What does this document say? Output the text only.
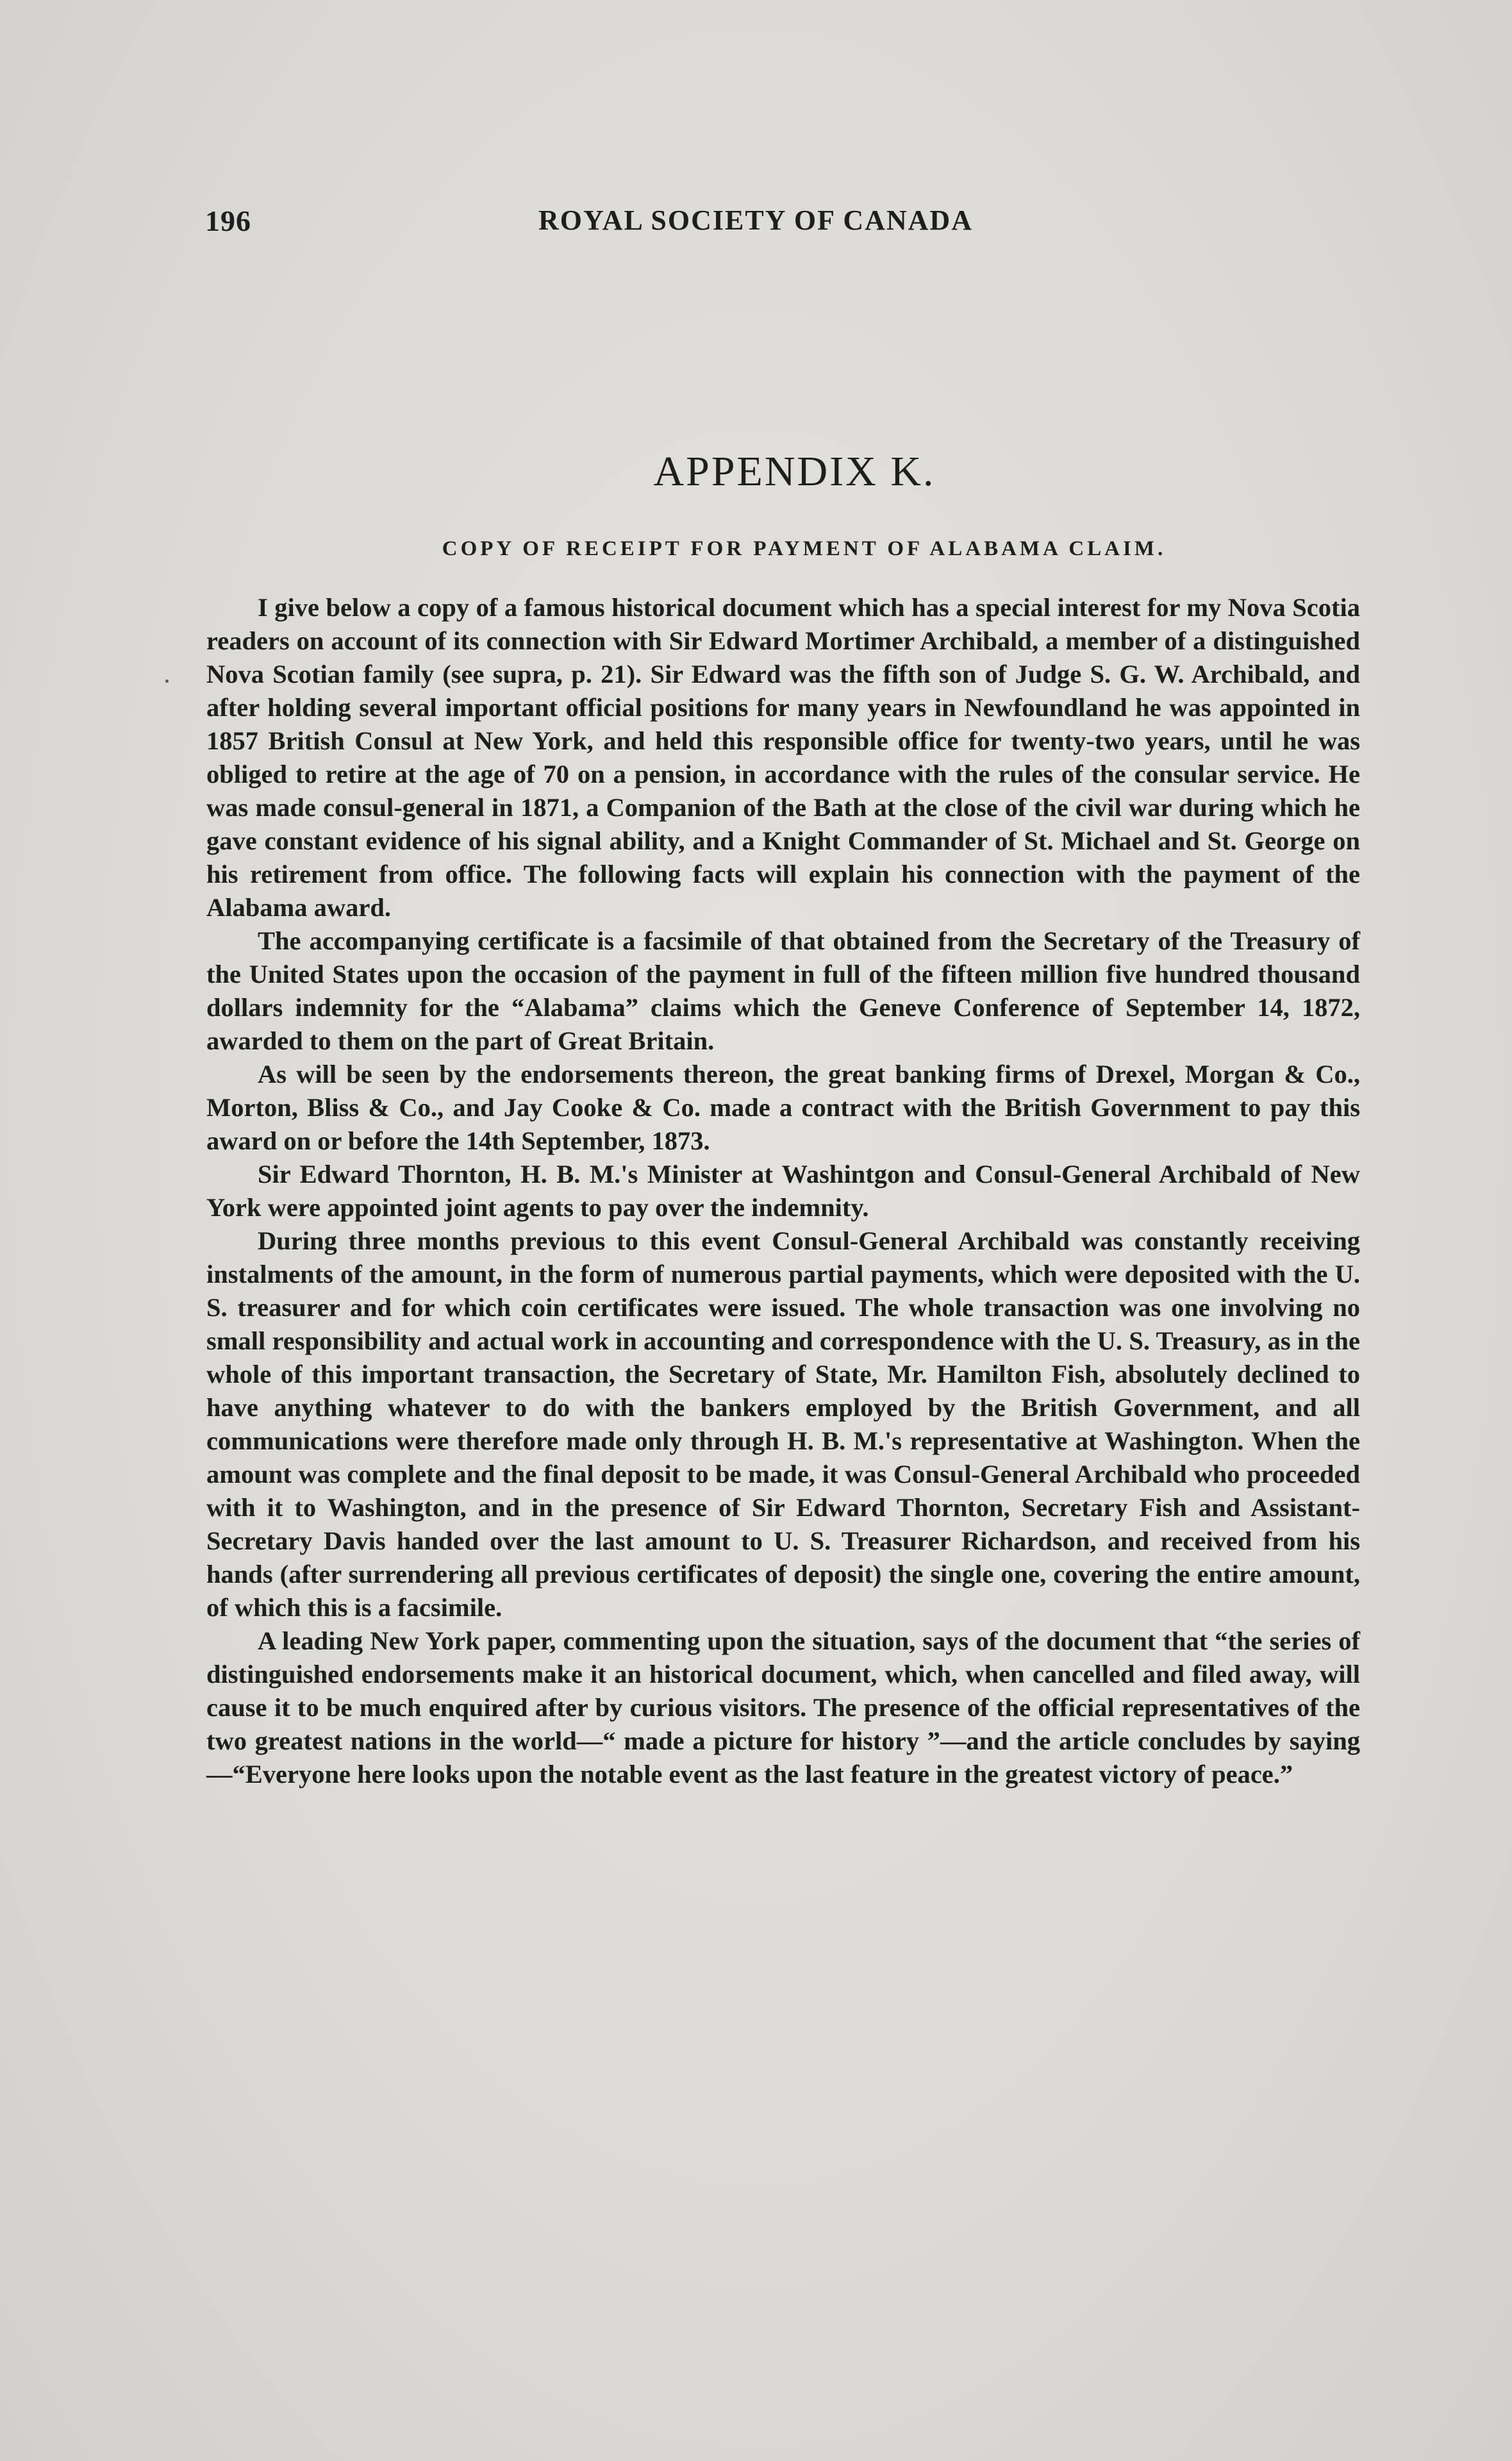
196	ROYAL SOCIETY OF CANADA
APPENDIX K.
COPY OF RECEIPT FOR PAYMENT OF ALABAMA CLAIM.

I give below a copy of a famous historical document which has a special interest for my Nova Scotia readers on account of its connection with Sir Edward Mortimer Archibald, a member of a distinguished Nova Scotian family (see supra, p. 21). Sir Edward was the fifth son of Judge S. G. W. Archibald, and after holding several important official positions for many years in Newfoundland he was appointed in 1857 British Consul at New York, and held this responsible office for twenty-two years, until he was obliged to retire at the age of 70 on a pension, in accordance with the rules of the consular service. He was made consul-general in 1871, a Companion of the Bath at the close of the civil war during which he gave constant evidence of his signal ability, and a Knight Commander of St. Michael and St. George on his retirement from office. The following facts will explain his connection with the payment of the Alabama award.

The accompanying certificate is a facsimile of that obtained from the Secretary of the Treasury of the United States upon the occasion of the payment in full of the fifteen million five hundred thousand dollars indemnity for the “Alabama” claims which the Geneve Conference of September 14, 1872, awarded to them on the part of Great Britain.

As will be seen by the endorsements thereon, the great banking firms of Drexel, Morgan & Co., Morton, Bliss & Co., and Jay Cooke & Co. made a contract with the British Government to pay this award on or before the 14th September, 1873.

Sir Edward Thornton, H. B. M.'s Minister at Washintgon and Consul-General Archibald of New York were appointed joint agents to pay over the indemnity.

During three months previous to this event Consul-General Archibald was constantly receiving instalments of the amount, in the form of numerous partial payments, which were deposited with the U. S. treasurer and for which coin certificates were issued. The whole transaction was one involving no small responsibility and actual work in accounting and correspondence with the U. S. Treasury, as in the whole of this important transaction, the Secretary of State, Mr. Hamilton Fish, absolutely declined to have anything whatever to do with the bankers employed by the British Government, and all communications were therefore made only through H. B. M.'s representative at Washington. When the amount was complete and the final deposit to be made, it was Consul-General Archibald who proceeded with it to Washington, and in the presence of Sir Edward Thornton, Secretary Fish and Assistant-Secretary Davis handed over the last amount to U. S. Treasurer Richardson, and received from his hands (after surrendering all previous certificates of deposit) the single one, covering the entire amount, of which this is a facsimile.

A leading New York paper, commenting upon the situation, says of the document that “the series of distinguished endorsements make it an historical document, which, when cancelled and filed away, will cause it to be much enquired after by curious visitors. The presence of the official representatives of the two greatest nations in the world—“ made a picture for history ”—and the article concludes by saying—“Everyone here looks upon the notable event as the last feature in the greatest victory of peace.”
